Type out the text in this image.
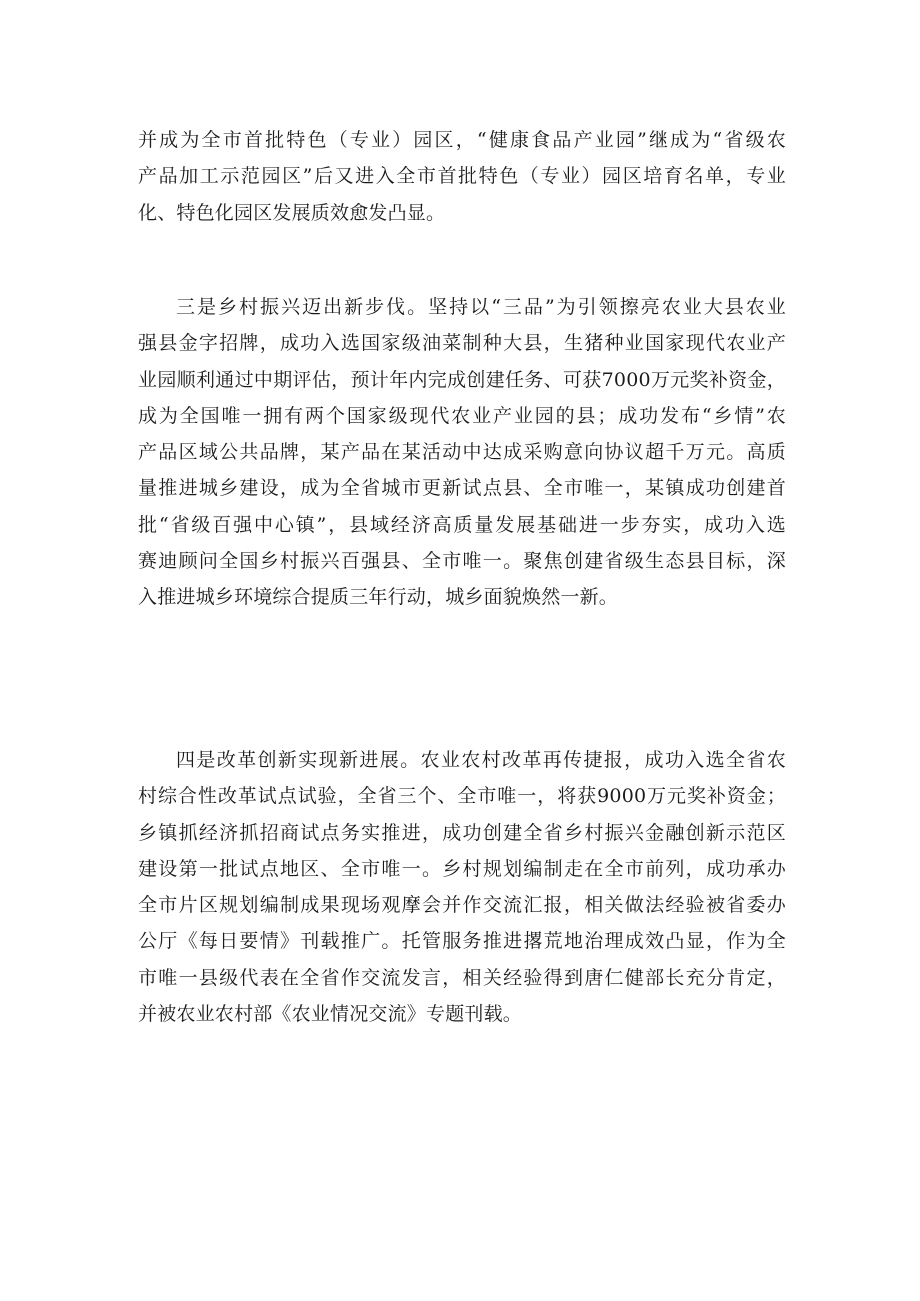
并成为全市首批特色（专业）园区，“健康食品产业园”继成为“省级农
产品加工示范园区”后又进入全市首批特色（专业）园区培育名单，专业
化、特色化园区发展质效愈发凸显。
三是乡村振兴迈出新步伐。坚持以“三品”为引领擦亮农业大县农业
强县金字招牌，成功入选国家级油菜制种大县，生猪种业国家现代农业产
业园顺利通过中期评估，预计年内完成创建任务、可获7000万元奖补资金，
成为全国唯一拥有两个国家级现代农业产业园的县；成功发布“乡情”农
产品区域公共品牌，某产品在某活动中达成采购意向协议超千万元。高质
量推进城乡建设，成为全省城市更新试点县、全市唯一，某镇成功创建首
批“省级百强中心镇”，县域经济高质量发展基础进一步夯实，成功入选
赛迪顾问全国乡村振兴百强县、全市唯一。聚焦创建省级生态县目标，深
入推进城乡环境综合提质三年行动，城乡面貌焕然一新。
四是改革创新实现新进展。农业农村改革再传捷报，成功入选全省农
村综合性改革试点试验，全省三个、全市唯一，将获9000万元奖补资金；
乡镇抓经济抓招商试点务实推进，成功创建全省乡村振兴金融创新示范区
建设第一批试点地区、全市唯一。乡村规划编制走在全市前列，成功承办
全市片区规划编制成果现场观摩会并作交流汇报，相关做法经验被省委办
公厅《每日要情》刊载推广。托管服务推进撂荒地治理成效凸显，作为全
市唯一县级代表在全省作交流发言，相关经验得到唐仁健部长充分肯定，
并被农业农村部《农业情况交流》专题刊载。
